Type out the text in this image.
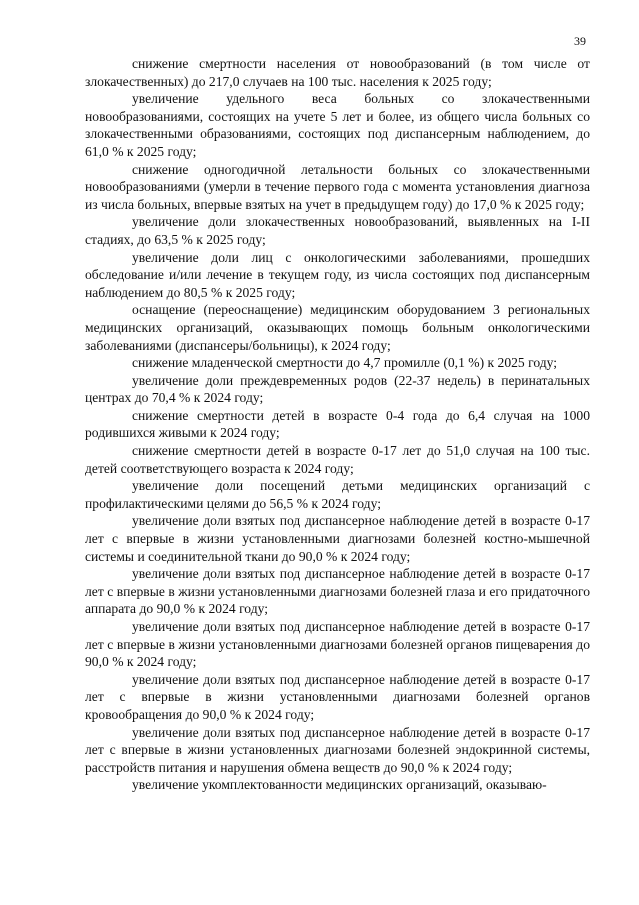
39

снижение смертности населения от новообразований (в том числе от злокачественных) до 217,0 случаев на 100 тыс. населения к 2025 году;

увеличение удельного веса больных со злокачественными новообразованиями, состоящих на учете 5 лет и более, из общего числа больных со злокачественными образованиями, состоящих под диспансерным наблюдением, до 61,0 % к 2025 году;

снижение одногодичной летальности больных со злокачественными новообразованиями (умерли в течение первого года с момента установления диагноза из числа больных, впервые взятых на учет в предыдущем году) до 17,0 % к 2025 году;

увеличение доли злокачественных новообразований, выявленных на I-II стадиях, до 63,5 % к 2025 году;

увеличение доли лиц с онкологическими заболеваниями, прошедших обследование и/или лечение в текущем году, из числа состоящих под диспансерным наблюдением до 80,5 % к 2025 году;

оснащение (переоснащение) медицинским оборудованием 3 региональных медицинских организаций, оказывающих помощь больным онкологическими заболеваниями (диспансеры/больницы), к 2024 году;

снижение младенческой смертности до 4,7 промилле (0,1 %) к 2025 году;

увеличение доли преждевременных родов (22-37 недель) в перинатальных центрах до 70,4 % к 2024 году;

снижение смертности детей в возрасте 0-4 года до 6,4 случая на 1000 родившихся живыми к 2024 году;

снижение смертности детей в возрасте 0-17 лет до 51,0 случая на 100 тыс. детей соответствующего возраста к 2024 году;

увеличение доли посещений детьми медицинских организаций с профилактическими целями до 56,5 % к 2024 году;

увеличение доли взятых под диспансерное наблюдение детей в возрасте 0-17 лет с впервые в жизни установленными диагнозами болезней костно-мышечной системы и соединительной ткани до 90,0 % к 2024 году;

увеличение доли взятых под диспансерное наблюдение детей в возрасте 0-17 лет с впервые в жизни установленными диагнозами болезней глаза и его придаточного аппарата до 90,0 % к 2024 году;

увеличение доли взятых под диспансерное наблюдение детей в возрасте 0-17 лет с впервые в жизни установленными диагнозами болезней органов пищеварения до 90,0 % к 2024 году;

увеличение доли взятых под диспансерное наблюдение детей в возрасте 0-17 лет с впервые в жизни установленными диагнозами болезней органов кровообращения до 90,0 % к 2024 году;

увеличение доли взятых под диспансерное наблюдение детей в возрасте 0-17 лет с впервые в жизни установленных диагнозами болезней эндокринной системы, расстройств питания и нарушения обмена веществ до 90,0 % к 2024 году;

увеличение укомплектованности медицинских организаций, оказываю-
